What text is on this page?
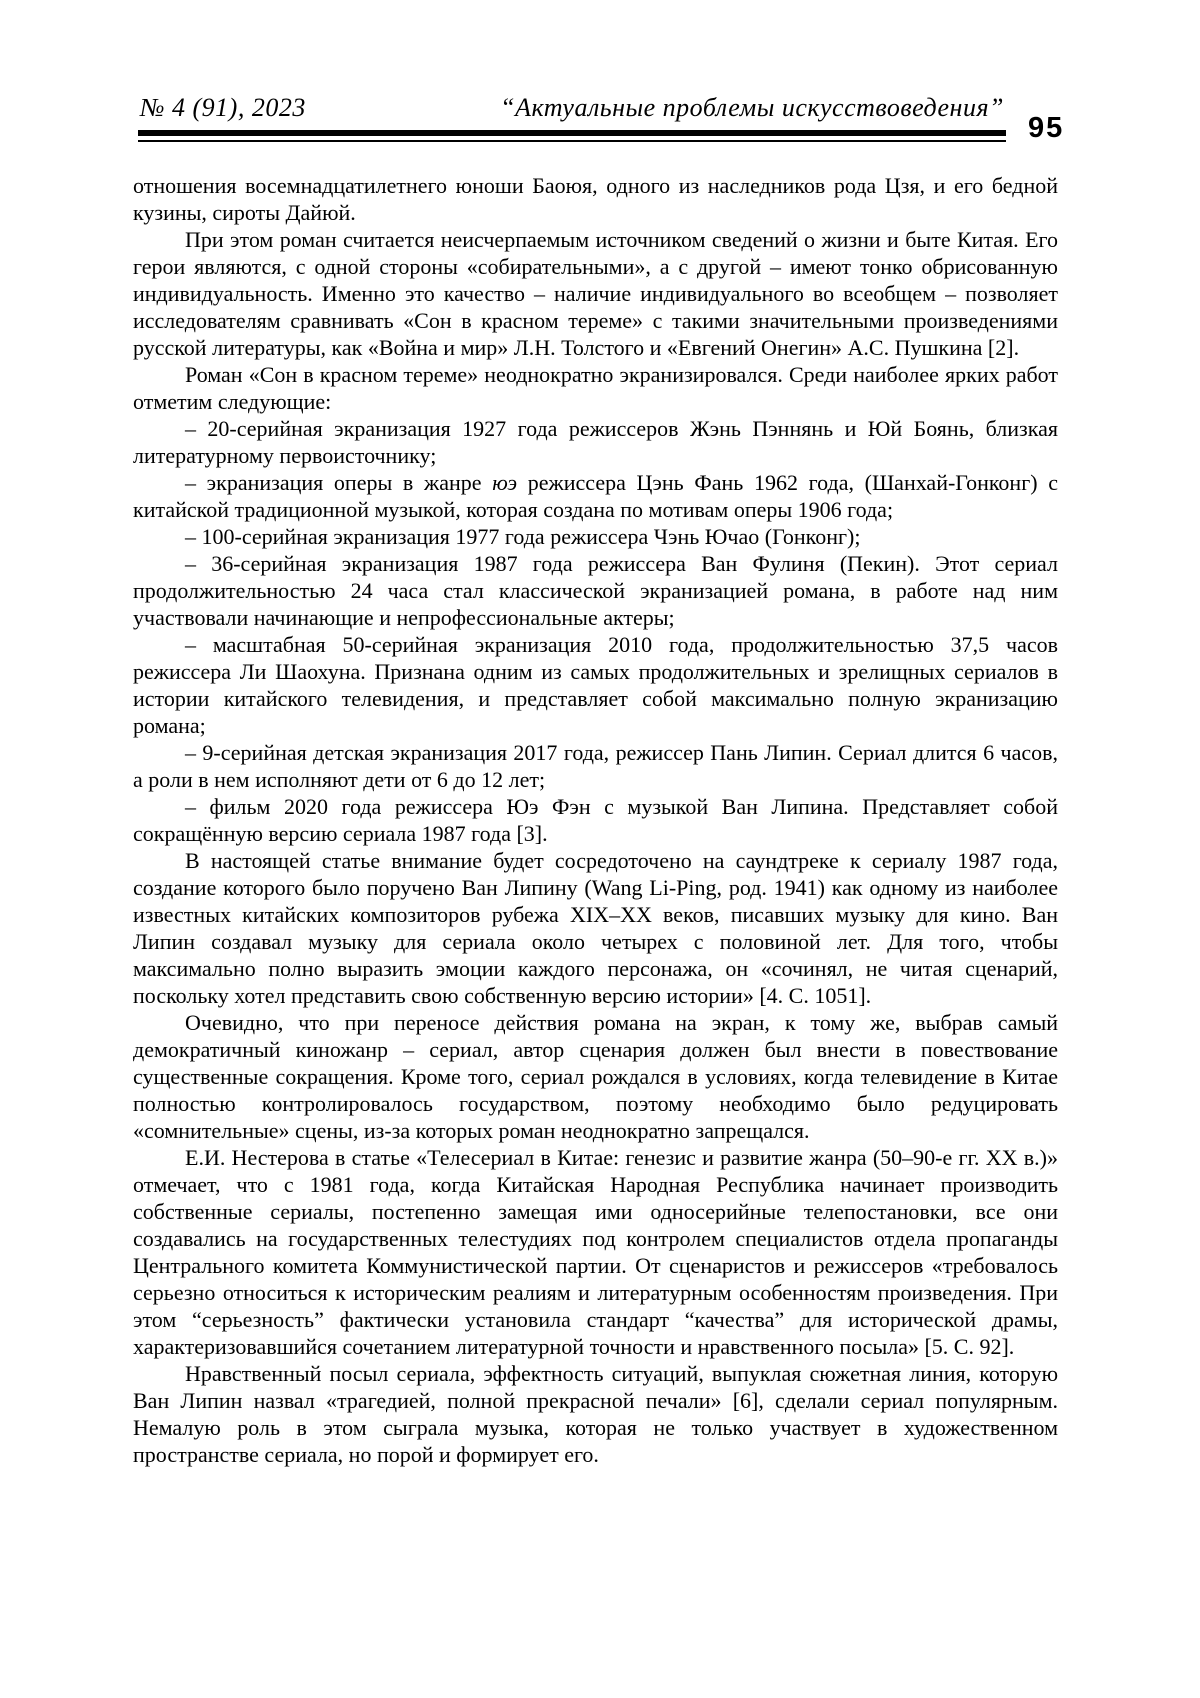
№ 4 (91), 2023	“Актуальные проблемы искусствоведения”
95

отношения восемнадцатилетнего юноши Баоюя, одного из наследников рода Цзя, и его бедной кузины, сироты Дайюй.

При этом роман считается неисчерпаемым источником сведений о жизни и быте Китая. Его герои являются, с одной стороны «собирательными», а с другой – имеют тонко обрисованную индивидуальность. Именно это качество – наличие индивидуального во всеобщем – позволяет исследователям сравнивать «Сон в красном тереме» с такими значительными произведениями русской литературы, как «Война и мир» Л.Н. Толстого и «Евгений Онегин» А.С. Пушкина [2].

Роман «Сон в красном тереме» неоднократно экранизировался. Среди наиболее ярких работ отметим следующие:

– 20-серийная экранизация 1927 года режиссеров Жэнь Пэннянь и Юй Боянь, близкая литературному первоисточнику;

– экранизация оперы в жанре юэ режиссера Цэнь Фань 1962 года, (Шанхай-Гонконг) с китайской традиционной музыкой, которая создана по мотивам оперы 1906 года;

– 100-серийная экранизация 1977 года режиссера Чэнь Ючао (Гонконг);

– 36-серийная экранизация 1987 года режиссера Ван Фулиня (Пекин). Этот сериал продолжительностью 24 часа стал классической экранизацией романа, в работе над ним участвовали начинающие и непрофессиональные актеры;

– масштабная 50-серийная экранизация 2010 года, продолжительностью 37,5 часов режиссера Ли Шаохуна. Признана одним из самых продолжительных и зрелищных сериалов в истории китайского телевидения, и представляет собой максимально полную экранизацию романа;

– 9-серийная детская экранизация 2017 года, режиссер Пань Липин. Сериал длится 6 часов, а роли в нем исполняют дети от 6 до 12 лет;

– фильм 2020 года режиссера Юэ Фэн с музыкой Ван Липина. Представляет собой сокращённую версию сериала 1987 года [3].

В настоящей статье внимание будет сосредоточено на саундтреке к сериалу 1987 года, создание которого было поручено Ван Липину (Wang Li-Ping, род. 1941) как одному из наиболее известных китайских композиторов рубежа XIX–XX веков, писавших музыку для кино. Ван Липин создавал музыку для сериала около четырех с половиной лет. Для того, чтобы максимально полно выразить эмоции каждого персонажа, он «сочинял, не читая сценарий, поскольку хотел представить свою собственную версию истории» [4. С. 1051].

Очевидно, что при переносе действия романа на экран, к тому же, выбрав самый демократичный киножанр – сериал, автор сценария должен был внести в повествование существенные сокращения. Кроме того, сериал рождался в условиях, когда телевидение в Китае полностью контролировалось государством, поэтому необходимо было редуцировать «сомнительные» сцены, из-за которых роман неоднократно запрещался.

Е.И. Нестерова в статье «Телесериал в Китае: генезис и развитие жанра (50–90-е гг. XX в.)» отмечает, что с 1981 года, когда Китайская Народная Республика начинает производить собственные сериалы, постепенно замещая ими односерийные телепостановки, все они создавались на государственных телестудиях под контролем специалистов отдела пропаганды Центрального комитета Коммунистической партии. От сценаристов и режиссеров «требовалось серьезно относиться к историческим реалиям и литературным особенностям произведения. При этом “серьезность” фактически установила стандарт “качества” для исторической драмы, характеризовавшийся сочетанием литературной точности и нравственного посыла» [5. С. 92].

Нравственный посыл сериала, эффектность ситуаций, выпуклая сюжетная линия, которую Ван Липин назвал «трагедией, полной прекрасной печали» [6], сделали сериал популярным. Немалую роль в этом сыграла музыка, которая не только участвует в художественном пространстве сериала, но порой и формирует его.
